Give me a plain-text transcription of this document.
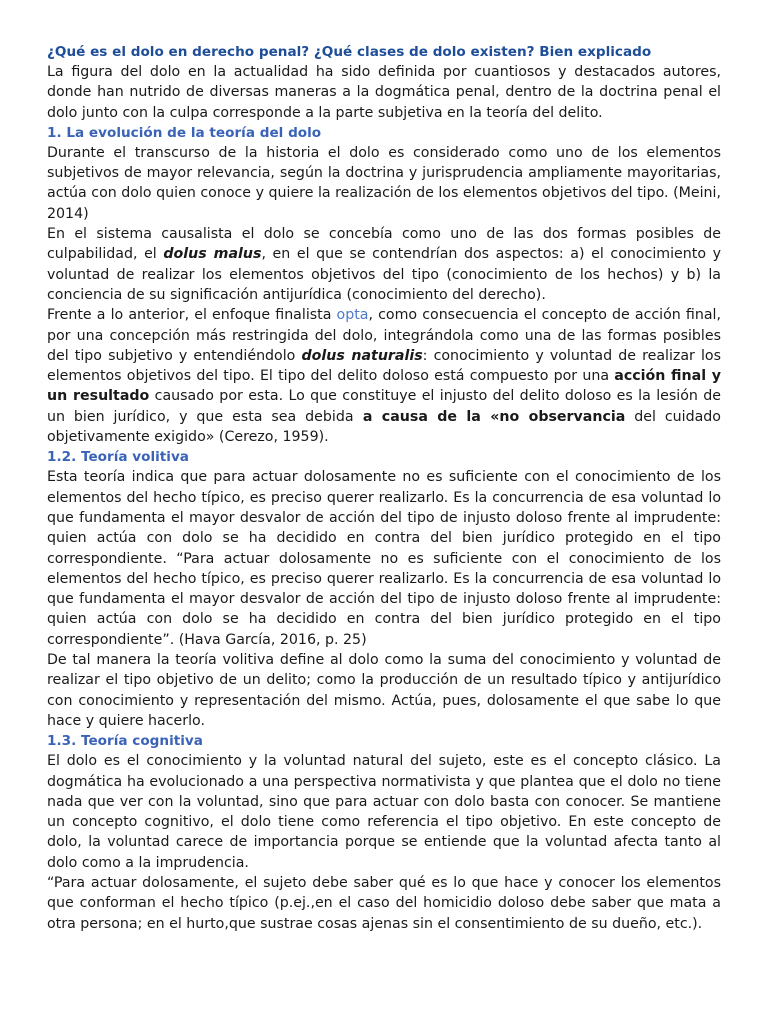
¿Qué es el dolo en derecho penal? ¿Qué clases de dolo existen? Bien explicado

La figura del dolo en la actualidad ha sido definida por cuantiosos y destacados autores, donde han nutrido de diversas maneras a la dogmática penal, dentro de la doctrina penal el dolo junto con la culpa corresponde a la parte subjetiva en la teoría del delito.

1. La evolución de la teoría del dolo

Durante el transcurso de la historia el dolo es considerado como uno de los elementos subjetivos de mayor relevancia, según la doctrina y jurisprudencia ampliamente mayoritarias, actúa con dolo quien conoce y quiere la realización de los elementos objetivos del tipo. (Meini, 2014)

En el sistema causalista el dolo se concebía como uno de las dos formas posibles de culpabilidad, el dolus malus, en el que se contendrían dos aspectos: a) el conocimiento y voluntad de realizar los elementos objetivos del tipo (conocimiento de los hechos) y b) la conciencia de su significación antijurídica (conocimiento del derecho).

Frente a lo anterior, el enfoque finalista opta, como consecuencia el concepto de acción final, por una concepción más restringida del dolo, integrándola como una de las formas posibles del tipo subjetivo y entendiéndolo dolus naturalis: conocimiento y voluntad de realizar los elementos objetivos del tipo. El tipo del delito doloso está compuesto por una acción final y un resultado causado por esta. Lo que constituye el injusto del delito doloso es la lesión de un bien jurídico, y que esta sea debida a causa de la «no observancia del cuidado objetivamente exigido» (Cerezo, 1959).

1.2. Teoría volitiva

Esta teoría indica que para actuar dolosamente no es suficiente con el conocimiento de los elementos del hecho típico, es preciso querer realizarlo. Es la concurrencia de esa voluntad lo que fundamenta el mayor desvalor de acción del tipo de injusto doloso frente al imprudente: quien actúa con dolo se ha decidido en contra del bien jurídico protegido en el tipo correspondiente. “Para actuar dolosamente no es suficiente con el conocimiento de los elementos del hecho típico, es preciso querer realizarlo. Es la concurrencia de esa voluntad lo que fundamenta el mayor desvalor de acción del tipo de injusto doloso frente al imprudente: quien actúa con dolo se ha decidido en contra del bien jurídico protegido en el tipo correspondiente”. (Hava García, 2016, p. 25)

De tal manera la teoría volitiva define al dolo como la suma del conocimiento y voluntad de realizar el tipo objetivo de un delito; como la producción de un resultado típico y antijurídico con conocimiento y representación del mismo. Actúa, pues, dolosamente el que sabe lo que hace y quiere hacerlo.

1.3. Teoría cognitiva

El dolo es el conocimiento y la voluntad natural del sujeto, este es el concepto clásico. La dogmática ha evolucionado a una perspectiva normativista y que plantea que el dolo no tiene nada que ver con la voluntad, sino que para actuar con dolo basta con conocer. Se mantiene un concepto cognitivo, el dolo tiene como referencia el tipo objetivo. En este concepto de dolo, la voluntad carece de importancia porque se entiende que la voluntad afecta tanto al dolo como a la imprudencia.

“Para actuar dolosamente, el sujeto debe saber qué es lo que hace y conocer los elementos que conforman el hecho típico (p.ej.,en el caso del homicidio doloso debe saber que mata a otra persona; en el hurto,que sustrae cosas ajenas sin el consentimiento de su dueño, etc.).
